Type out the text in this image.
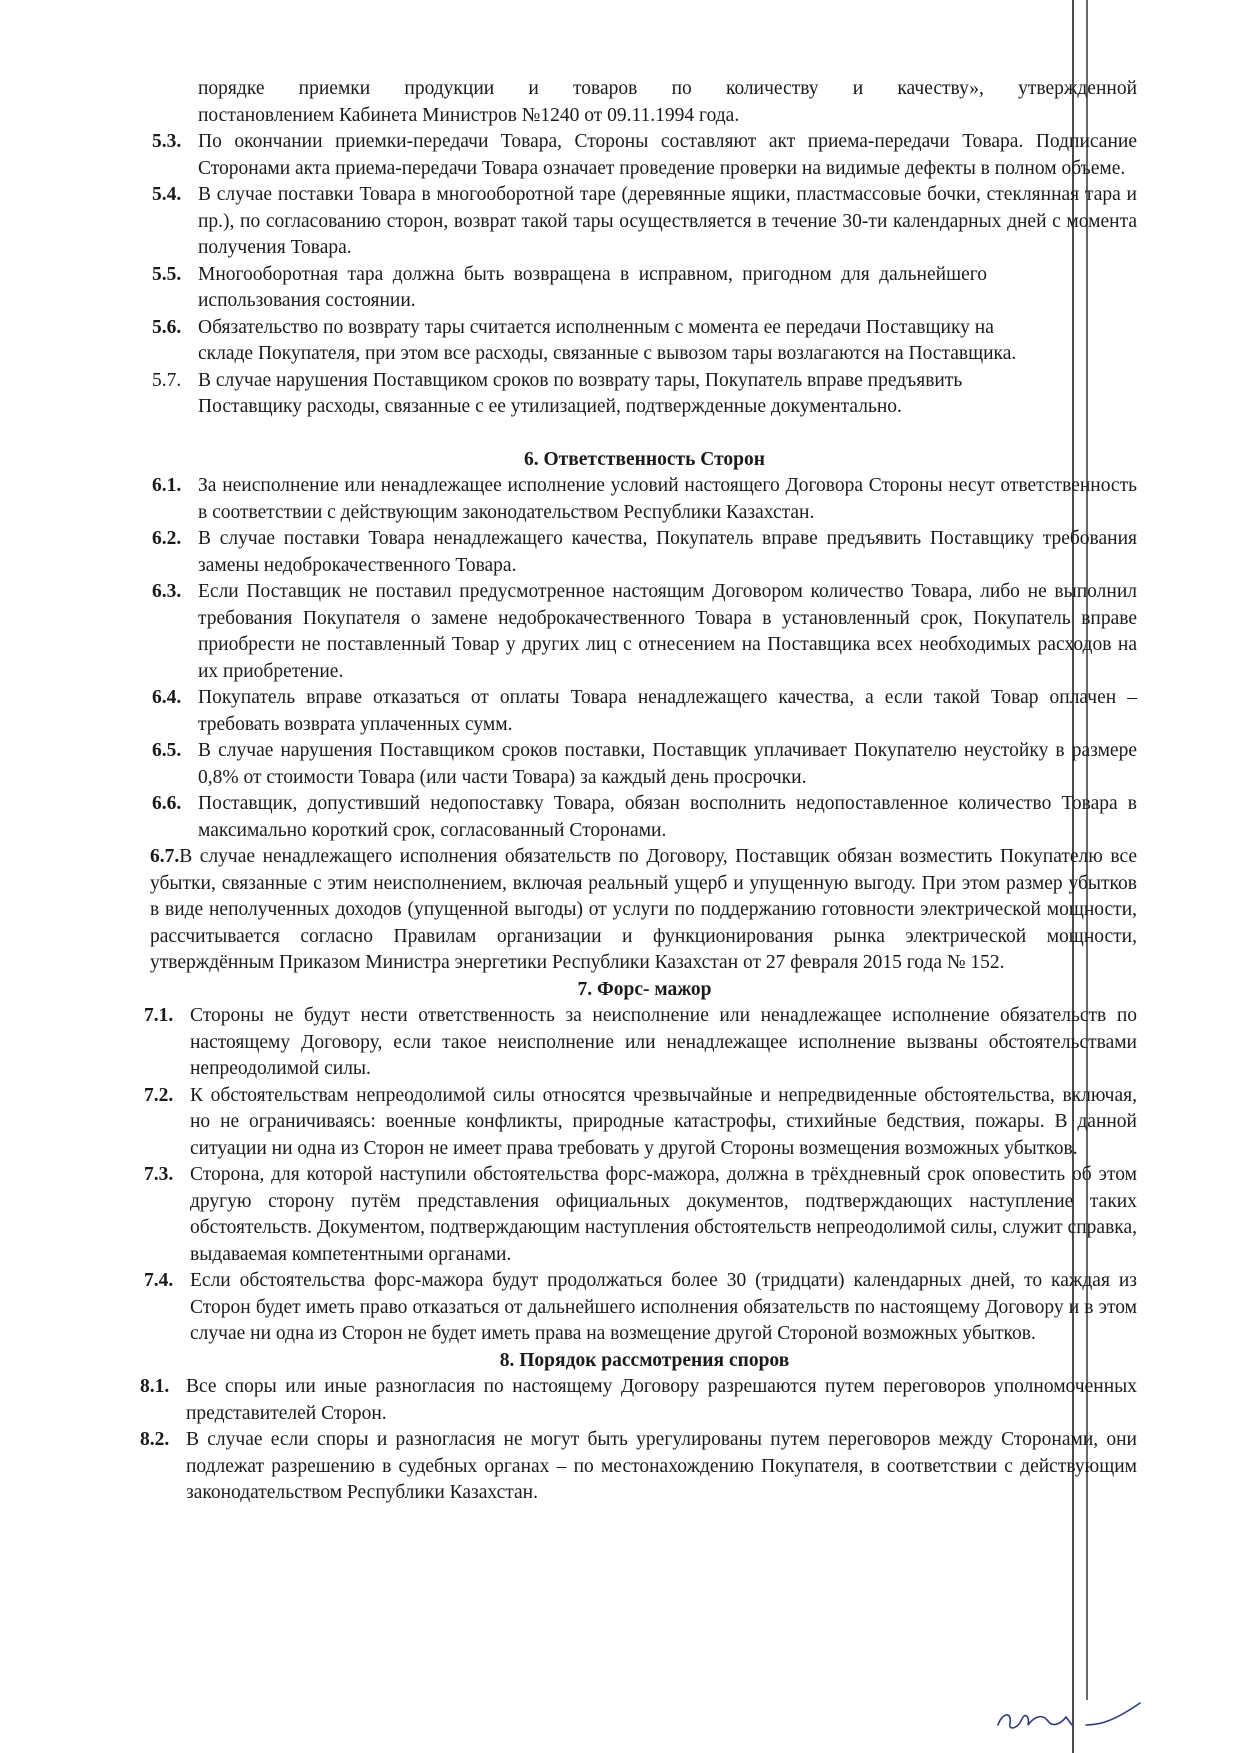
порядке приемки продукции и товаров по количеству и качеству», утвержденной

постановлением Кабинета Министров №1240 от 09.11.1994 года.

5.3. По окончании приемки-передачи Товара, Стороны составляют акт приема-передачи Товара. Подписание Сторонами акта приема-передачи Товара означает проведение проверки на видимые дефекты в полном объеме.
5.4. В случае поставки Товара в многооборотной таре (деревянные ящики, пластмассовые бочки, стеклянная тара и пр.), по согласованию сторон, возврат такой тары осуществляется в течение 30-ти календарных дней с момента получения Товара.
5.5. Многооборотная тара должна быть возвращена в исправном, пригодном для дальнейшего использования состоянии.
5.6. Обязательство по возврату тары считается исполненным с момента ее передачи Поставщику на складе Покупателя, при этом все расходы, связанные с вывозом тары возлагаются на Поставщика.
5.7. В случае нарушения Поставщиком сроков по возврату тары, Покупатель вправе предъявить Поставщику расходы, связанные с ее утилизацией, подтвержденные документально.

6. Ответственность Сторон

6.1. За неисполнение или ненадлежащее исполнение условий настоящего Договора Стороны несут ответственность в соответствии с действующим законодательством Республики Казахстан.
6.2. В случае поставки Товара ненадлежащего качества, Покупатель вправе предъявить Поставщику требования замены недоброкачественного Товара.
6.3. Если Поставщик не поставил предусмотренное настоящим Договором количество Товара, либо не выполнил требования Покупателя о замене недоброкачественного Товара в установленный срок, Покупатель вправе приобрести не поставленный Товар у других лиц с отнесением на Поставщика всех необходимых расходов на их приобретение.
6.4. Покупатель вправе отказаться от оплаты Товара ненадлежащего качества, а если такой Товар оплачен – требовать возврата уплаченных сумм.
6.5. В случае нарушения Поставщиком сроков поставки, Поставщик уплачивает Покупателю неустойку в размере 0,8% от стоимости Товара (или части Товара) за каждый день просрочки.
6.6. Поставщик, допустивший недопоставку Товара, обязан восполнить недопоставленное количество Товара в максимально короткий срок, согласованный Сторонами.

6.7.В случае ненадлежащего исполнения обязательств по Договору, Поставщик обязан возместить Покупателю все убытки, связанные с этим неисполнением, включая реальный ущерб и упущенную выгоду. При этом размер убытков в виде неполученных доходов (упущенной выгоды) от услуги по поддержанию готовности электрической мощности, рассчитывается согласно Правилам организации и функционирования рынка электрической мощности, утверждённым Приказом Министра энергетики Республики Казахстан от 27 февраля 2015 года № 152.

7. Форс- мажор

7.1. Стороны не будут нести ответственность за неисполнение или ненадлежащее исполнение обязательств по настоящему Договору, если такое неисполнение или ненадлежащее исполнение вызваны обстоятельствами непреодолимой силы.
7.2. К обстоятельствам непреодолимой силы относятся чрезвычайные и непредвиденные обстоятельства, включая, но не ограничиваясь: военные конфликты, природные катастрофы, стихийные бедствия, пожары. В данной ситуации ни одна из Сторон не имеет права требовать у другой Стороны возмещения возможных убытков.
7.3. Сторона, для которой наступили обстоятельства форс-мажора, должна в трёхдневный срок оповестить об этом другую сторону путём представления официальных документов, подтверждающих наступление таких обстоятельств. Документом, подтверждающим наступления обстоятельств непреодолимой силы, служит справка, выдаваемая компетентными органами.
7.4. Если обстоятельства форс-мажора будут продолжаться более 30 (тридцати) календарных дней, то каждая из Сторон будет иметь право отказаться от дальнейшего исполнения обязательств по настоящему Договору и в этом случае ни одна из Сторон не будет иметь права на возмещение другой Стороной возможных убытков.

8. Порядок рассмотрения споров

8.1. Все споры или иные разногласия по настоящему Договору разрешаются путем переговоров уполномоченных представителей Сторон.
8.2. В случае если споры и разногласия не могут быть урегулированы путем переговоров между Сторонами, они подлежат разрешению в судебных органах – по местонахождению Покупателя, в соответствии с действующим законодательством Республики Казахстан.
